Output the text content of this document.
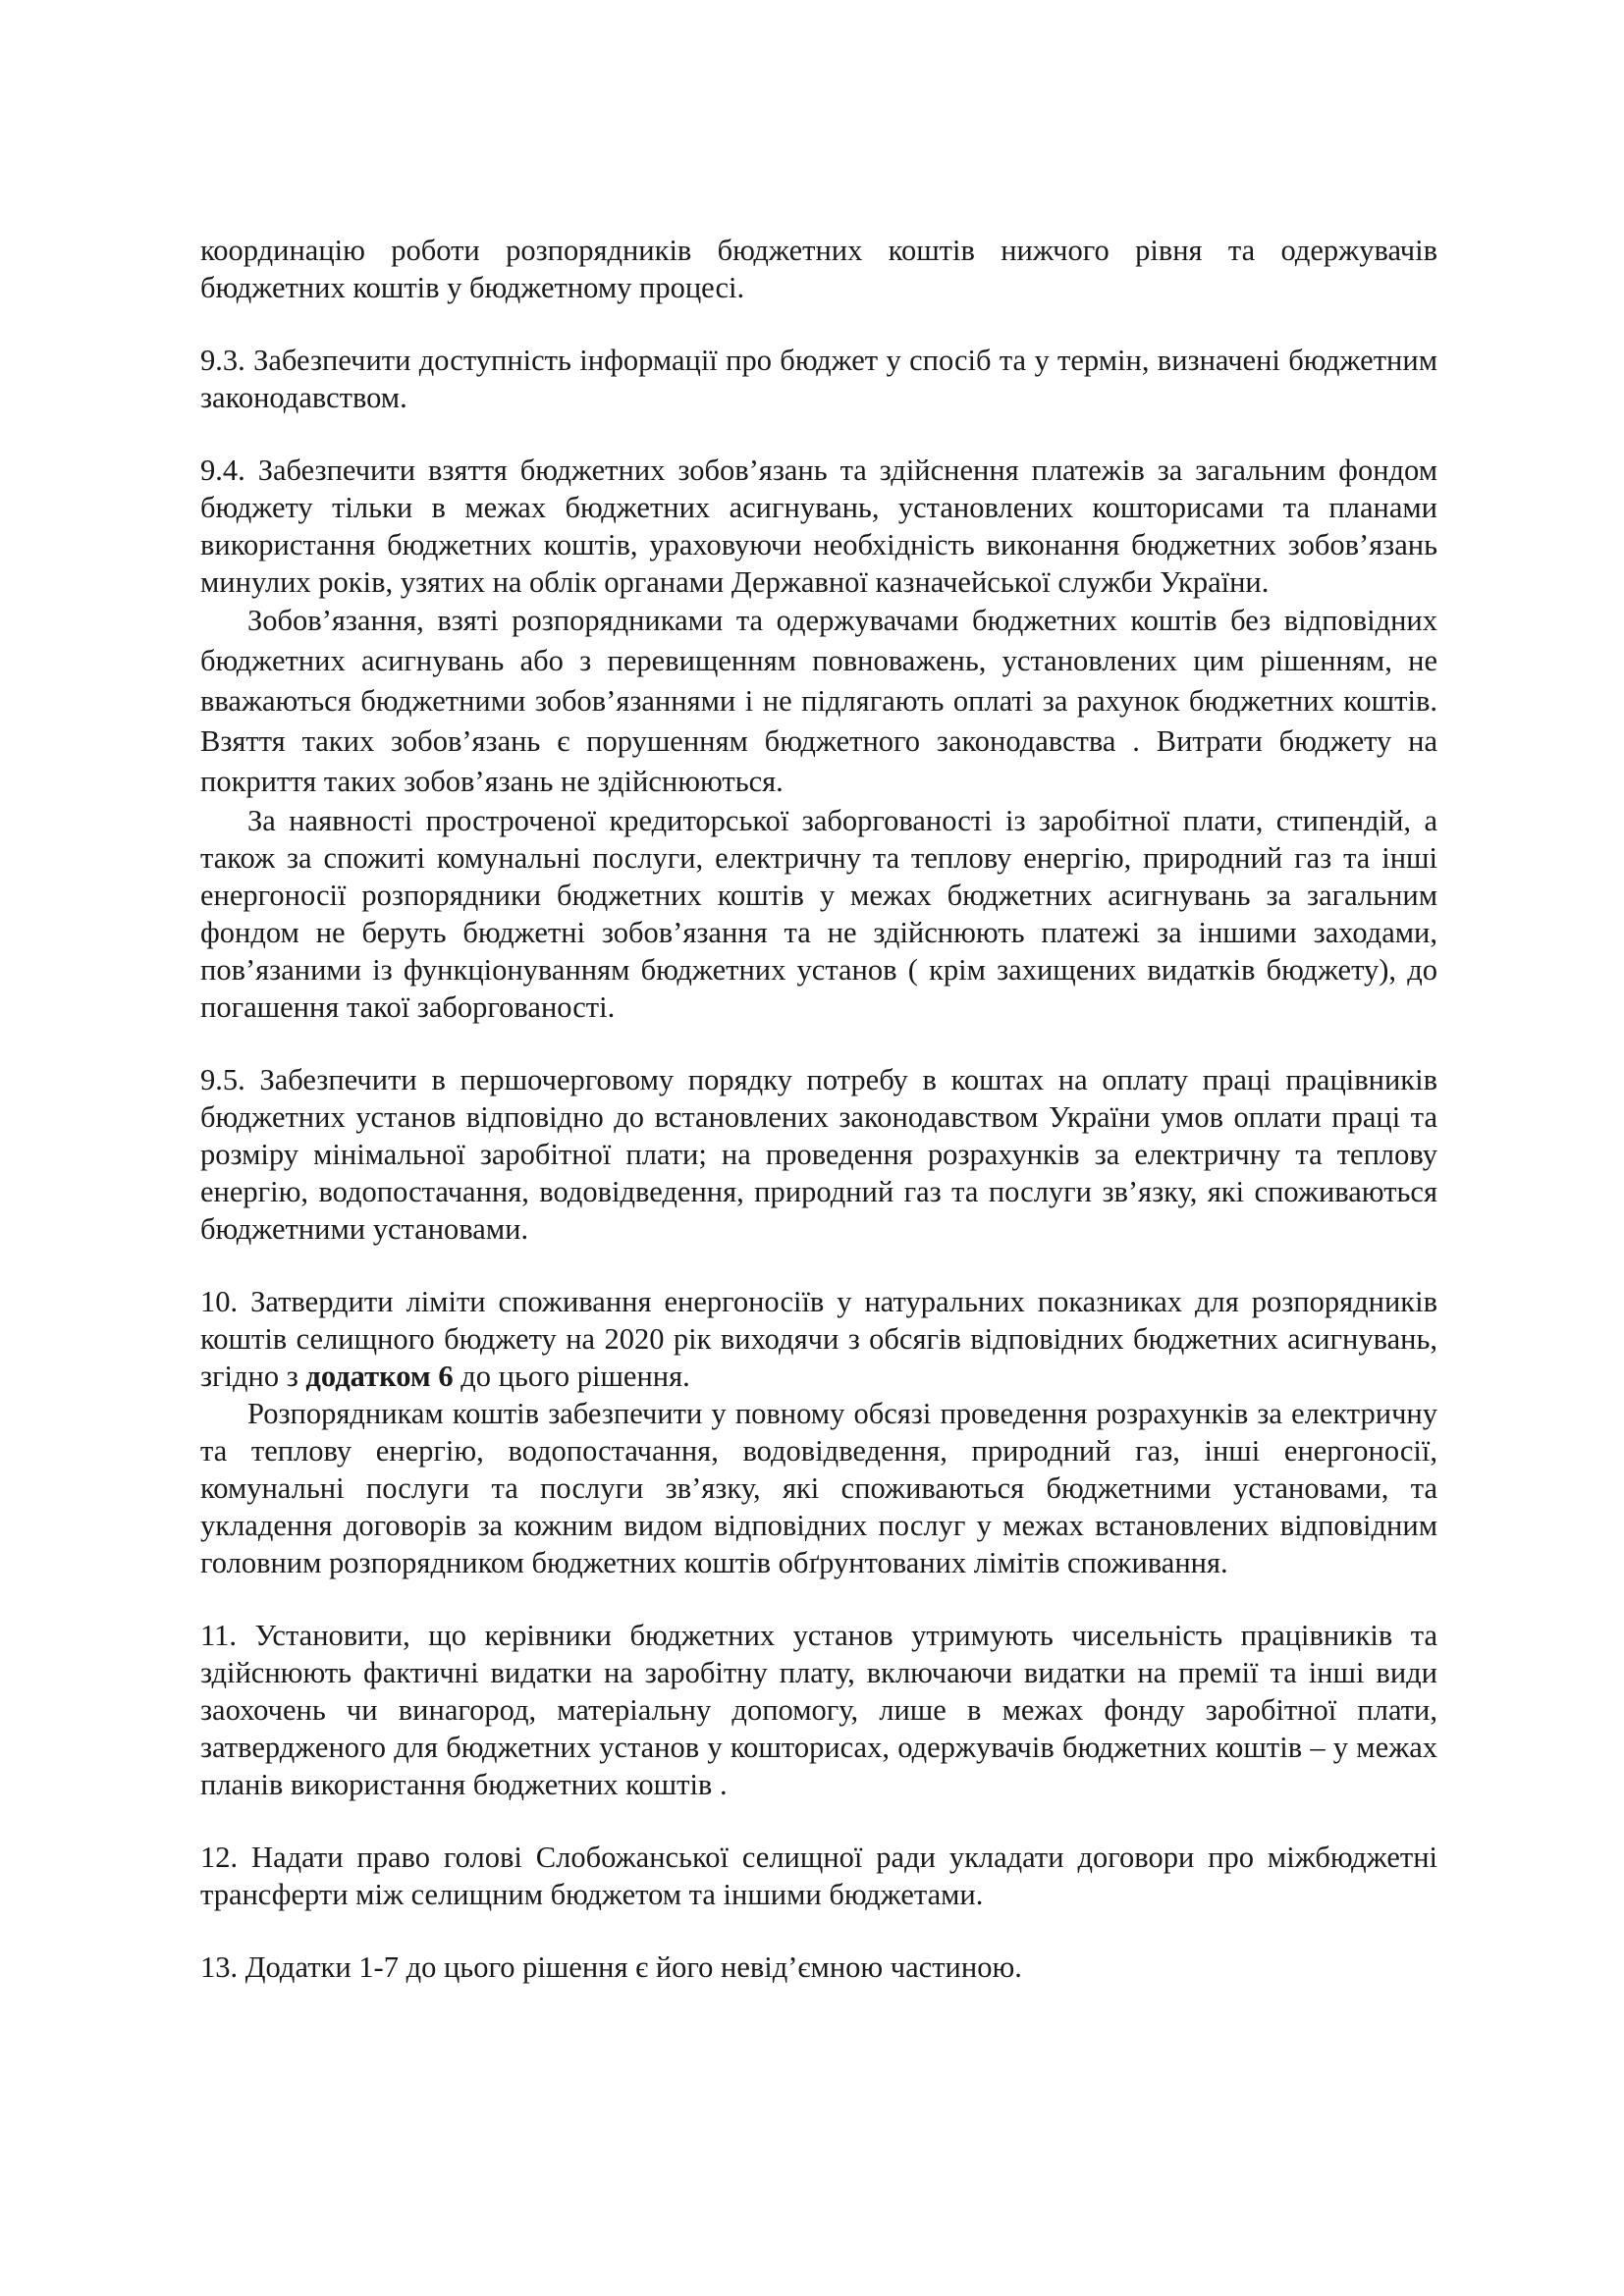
координацію роботи розпорядників бюджетних коштів нижчого рівня та одержувачів бюджетних коштів у бюджетному процесі.

9.3. Забезпечити доступність інформації про бюджет у спосіб та у термін, визначені бюджетним законодавством.

9.4. Забезпечити взяття бюджетних зобов’язань та здійснення платежів за загальним фондом бюджету тільки в межах бюджетних асигнувань, установлених кошторисами та планами використання бюджетних коштів, ураховуючи необхідність виконання бюджетних зобов’язань минулих років, узятих на облік органами Державної казначейської служби України.

Зобов’язання, взяті розпорядниками та одержувачами бюджетних коштів без відповідних бюджетних асигнувань або з перевищенням повноважень, установлених цим рішенням, не вважаються бюджетними зобов’язаннями і не підлягають оплаті за рахунок бюджетних коштів. Взяття таких зобов’язань є порушенням бюджетного законодавства . Витрати бюджету на покриття таких зобов’язань не здійснюються.

За наявності простроченої кредиторської заборгованості із заробітної плати, стипендій, а також за спожиті комунальні послуги, електричну та теплову енергію, природний газ та інші енергоносії розпорядники бюджетних коштів у межах бюджетних асигнувань за загальним фондом не беруть бюджетні зобов’язання та не здійснюють платежі за іншими заходами, пов’язаними із функціонуванням бюджетних установ ( крім захищених видатків бюджету), до погашення такої заборгованості.

9.5. Забезпечити в першочерговому порядку потребу в коштах на оплату праці працівників бюджетних установ відповідно до встановлених законодавством України умов оплати праці та розміру мінімальної заробітної плати; на проведення розрахунків за електричну та теплову енергію, водопостачання, водовідведення, природний газ та послуги зв’язку, які споживаються бюджетними установами.

10. Затвердити ліміти споживання енергоносіїв у натуральних показниках для розпорядників коштів селищного бюджету на 2020 рік виходячи з обсягів відповідних бюджетних асигнувань, згідно з додатком 6 до цього рішення.

Розпорядникам коштів забезпечити у повному обсязі проведення розрахунків за електричну та теплову енергію, водопостачання, водовідведення, природний газ, інші енергоносії, комунальні послуги та послуги зв’язку, які споживаються бюджетними установами, та укладення договорів за кожним видом відповідних послуг у межах встановлених відповідним головним розпорядником бюджетних коштів обґрунтованих лімітів споживання.

11. Установити, що керівники бюджетних установ утримують чисельність працівників та здійснюють фактичні видатки на заробітну плату, включаючи видатки на премії та інші види заохочень чи винагород, матеріальну допомогу, лише в межах фонду заробітної плати, затвердженого для бюджетних установ у кошторисах, одержувачів бюджетних коштів – у межах планів використання бюджетних коштів .

12. Надати право голові Слобожанської селищної ради укладати договори про міжбюджетні трансферти між селищним бюджетом та іншими бюджетами.

13. Додатки 1-7 до цього рішення є його невід’ємною частиною.
